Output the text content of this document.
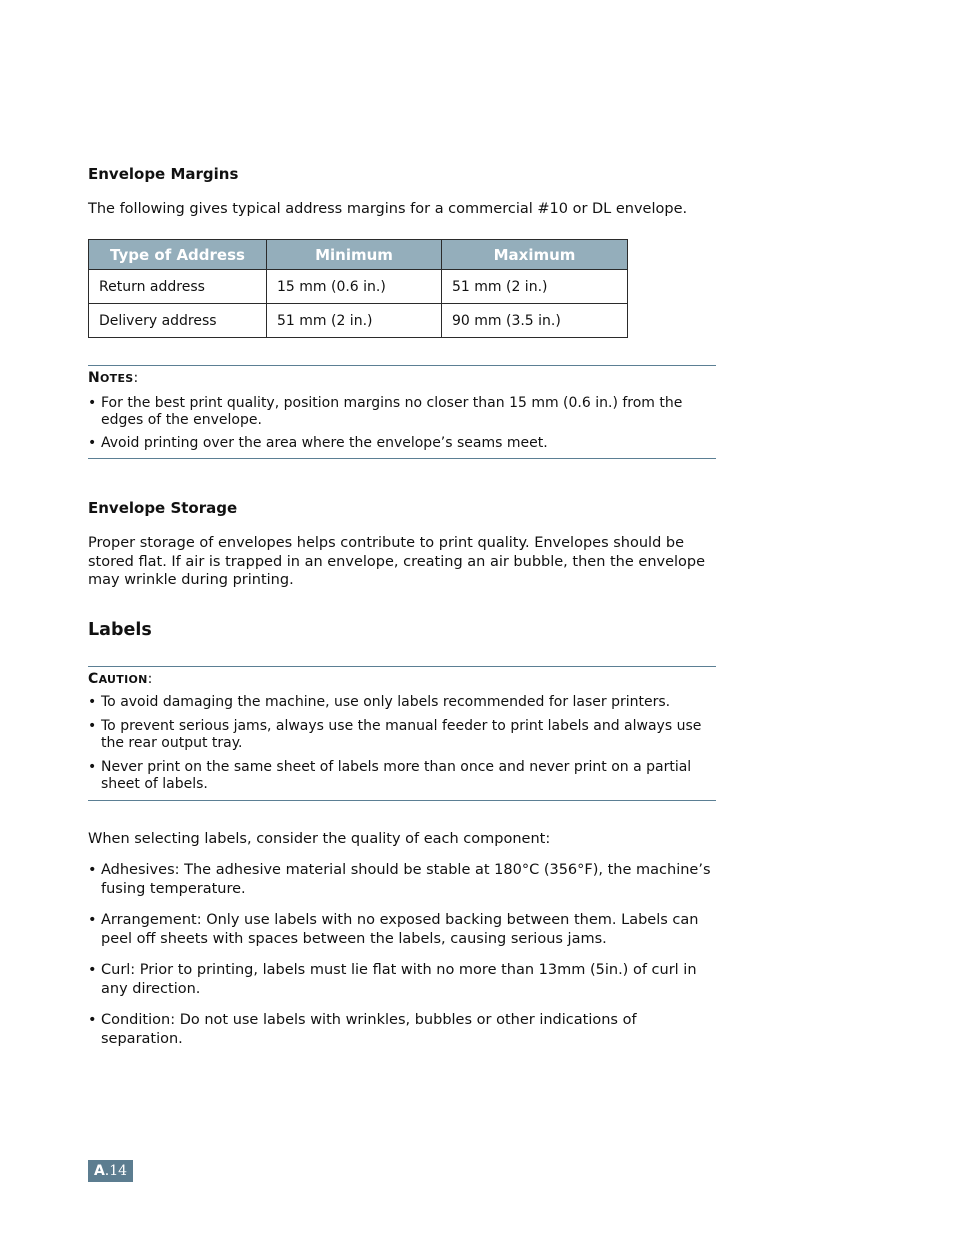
Envelope Margins
The following gives typical address margins for a commercial #10 or DL envelope.
Type of Address	Minimum	Maximum
Return address	15 mm (0.6 in.)	51 mm (2 in.)
Delivery address	51 mm (2 in.)	90 mm (3.5 in.)
NOTES:
• For the best print quality, position margins no closer than 15 mm (0.6 in.) from the edges of the envelope.
• Avoid printing over the area where the envelope’s seams meet.
Envelope Storage
Proper storage of envelopes helps contribute to print quality. Envelopes should be stored flat. If air is trapped in an envelope, creating an air bubble, then the envelope may wrinkle during printing.
Labels
CAUTION:
• To avoid damaging the machine, use only labels recommended for laser printers.
• To prevent serious jams, always use the manual feeder to print labels and always use the rear output tray.
• Never print on the same sheet of labels more than once and never print on a partial sheet of labels.
When selecting labels, consider the quality of each component:
• Adhesives: The adhesive material should be stable at 180°C (356°F), the machine’s fusing temperature.
• Arrangement: Only use labels with no exposed backing between them. Labels can peel off sheets with spaces between the labels, causing serious jams.
• Curl: Prior to printing, labels must lie flat with no more than 13mm (5in.) of curl in any direction.
• Condition: Do not use labels with wrinkles, bubbles or other indications of separation.
A.14
